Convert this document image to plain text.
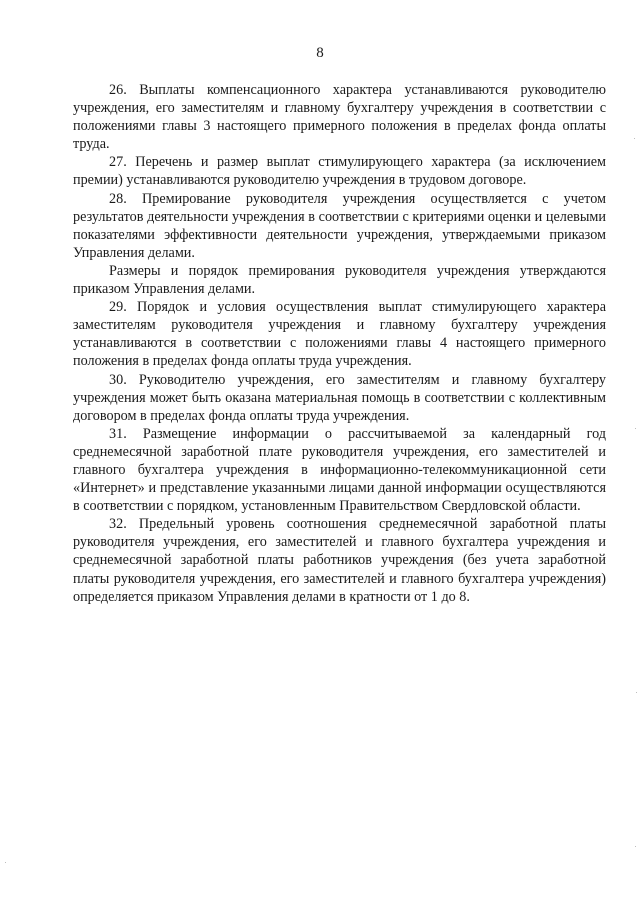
8

26. Выплаты компенсационного характера устанавливаются руководителю учреждения, его заместителям и главному бухгалтеру учреждения в соответствии с положениями главы 3 настоящего примерного положения в пределах фонда оплаты труда.

27. Перечень и размер выплат стимулирующего характера (за исключением премии) устанавливаются руководителю учреждения в трудовом договоре.

28. Премирование руководителя учреждения осуществляется с учетом результатов деятельности учреждения в соответствии с критериями оценки и целевыми показателями эффективности деятельности учреждения, утверждаемыми приказом Управления делами.

Размеры и порядок премирования руководителя учреждения утверждаются приказом Управления делами.

29. Порядок и условия осуществления выплат стимулирующего характера заместителям руководителя учреждения и главному бухгалтеру учреждения устанавливаются в соответствии с положениями главы 4 настоящего примерного положения в пределах фонда оплаты труда учреждения.

30. Руководителю учреждения, его заместителям и главному бухгалтеру учреждения может быть оказана материальная помощь в соответствии с коллективным договором в пределах фонда оплаты труда учреждения.

31. Размещение информации о рассчитываемой за календарный год среднемесячной заработной плате руководителя учреждения, его заместителей и главного бухгалтера учреждения в информационно-телекоммуникационной сети «Интернет» и представление указанными лицами данной информации осуществляются в соответствии с порядком, установленным Правительством Свердловской области.

32. Предельный уровень соотношения среднемесячной заработной платы руководителя учреждения, его заместителей и главного бухгалтера учреждения и среднемесячной заработной платы работников учреждения (без учета заработной платы руководителя учреждения, его заместителей и главного бухгалтера учреждения) определяется приказом Управления делами в кратности от 1 до 8.
